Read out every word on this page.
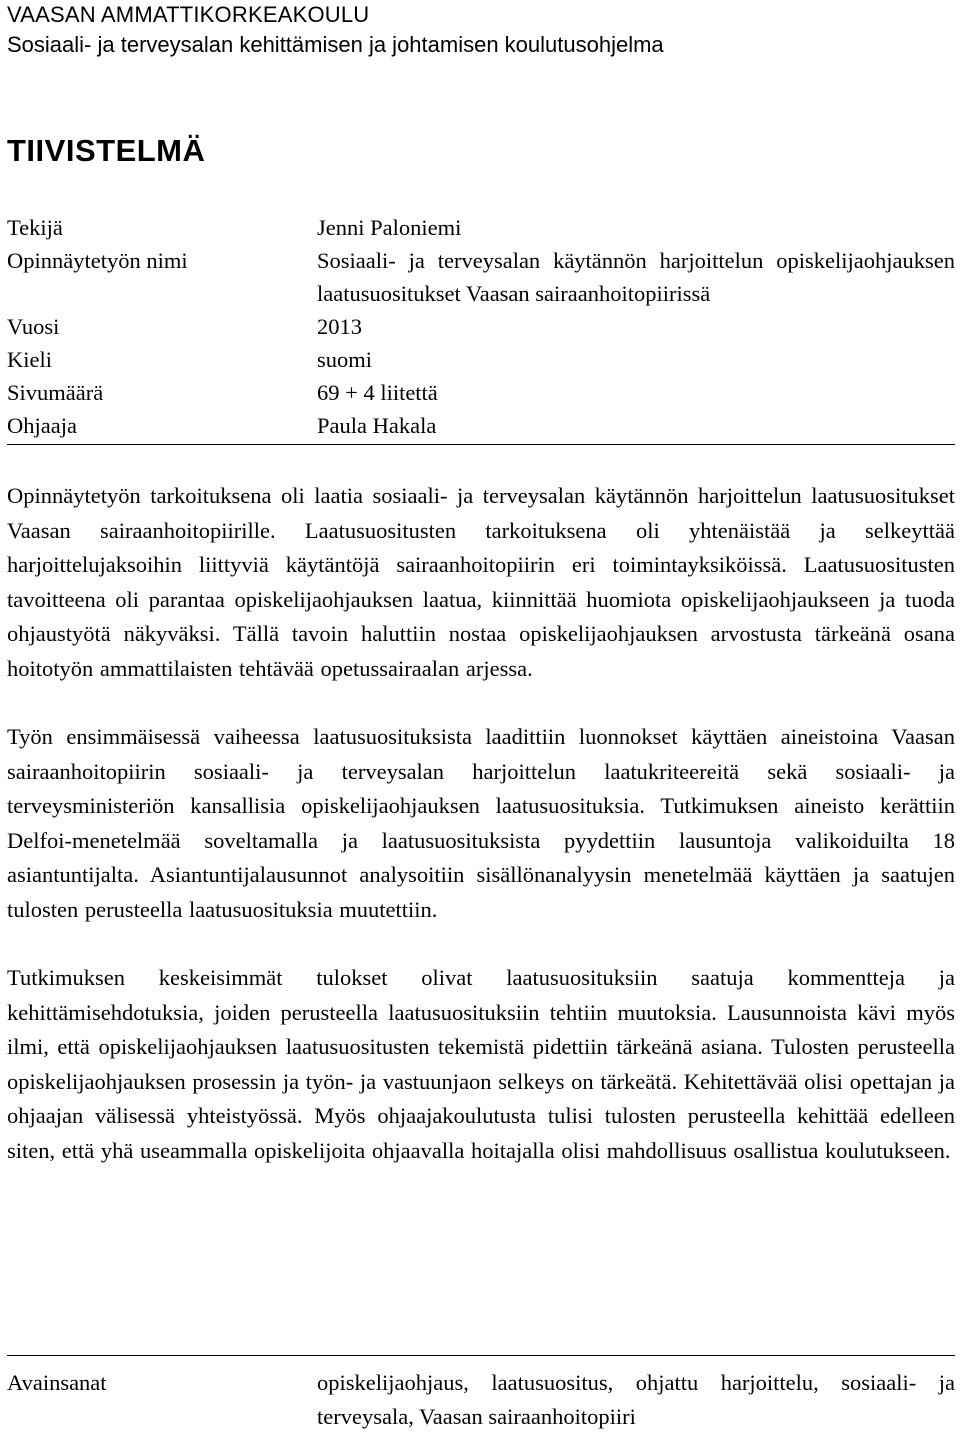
VAASAN AMMATTIKORKEAKOULU
Sosiaali- ja terveysalan kehittämisen ja johtamisen koulutusohjelma
TIIVISTELMÄ
Tekijä	Jenni Paloniemi
Opinnäytetyön nimi	Sosiaali- ja terveysalan käytännön harjoittelun opiskelijaohjauksen laatusuositukset Vaasan sairaanhoitopiirissä
Vuosi	2013
Kieli	suomi
Sivumäärä	69 + 4 liitettä
Ohjaaja	Paula Hakala

Opinnäytetyön tarkoituksena oli laatia sosiaali- ja terveysalan käytännön harjoittelun laatusuositukset Vaasan sairaanhoitopiirille. Laatusuositusten tarkoituksena oli yhtenäistää ja selkeyttää harjoittelujaksoihin liittyviä käytäntöjä sairaanhoitopiirin eri toimintayksiköissä. Laatusuositusten tavoitteena oli parantaa opiskelijaohjauksen laatua, kiinnittää huomiota opiskelijaohjaukseen ja tuoda ohjaustyötä näkyväksi. Tällä tavoin haluttiin nostaa opiskelijaohjauksen arvostusta tärkeänä osana hoitotyön ammattilaisten tehtävää opetussairaalan arjessa.

Työn ensimmäisessä vaiheessa laatusuosituksista laadittiin luonnokset käyttäen aineistoina Vaasan sairaanhoitopiirin sosiaali- ja terveysalan harjoittelun laatukriteereitä sekä sosiaali- ja terveysministeriön kansallisia opiskelijaohjauksen laatusuosituksia. Tutkimuksen aineisto kerättiin Delfoi-menetelmää soveltamalla ja laatusuosituksista pyydettiin lausuntoja valikoiduilta 18 asiantuntijalta. Asiantuntijalausunnot analysoitiin sisällönanalyysin menetelmää käyttäen ja saatujen tulosten perusteella laatusuosituksia muutettiin.

Tutkimuksen keskeisimmät tulokset olivat laatusuosituksiin saatuja kommentteja ja kehittämisehdotuksia, joiden perusteella laatusuosituksiin tehtiin muutoksia. Lausunnoista kävi myös ilmi, että opiskelijaohjauksen laatusuositusten tekemistä pidettiin tärkeänä asiana. Tulosten perusteella opiskelijaohjauksen prosessin ja työn- ja vastuunjaon selkeys on tärkeätä. Kehitettävää olisi opettajan ja ohjaajan välisessä yhteistyössä. Myös ohjaajakoulutusta tulisi tulosten perusteella kehittää edelleen siten, että yhä useammalla opiskelijoita ohjaavalla hoitajalla olisi mahdollisuus osallistua koulutukseen.

Avainsanat	opiskelijaohjaus, laatusuositus, ohjattu harjoittelu, sosiaali- ja terveysala, Vaasan sairaanhoitopiiri
